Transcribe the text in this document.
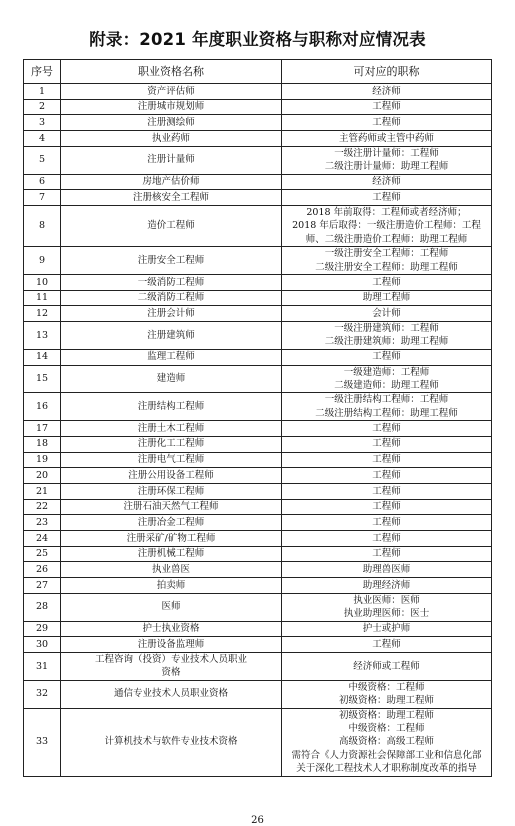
附录：2021 年度职业资格与职称对应情况表
序号	职业资格名称	可对应的职称
1	资产评估师	经济师

2	注册城市规划师	工程师

3	注册测绘师	工程师

4	执业药师	主管药师或主管中药师

5	注册计量师	一级注册计量师：工程师
二级注册计量师：助理工程师

6	房地产估价师	经济师

7	注册核安全工程师	工程师

8	造价工程师	2018 年前取得：工程师或者经济师；
2018 年后取得：一级注册造价工程师：工程
师、二级注册造价工程师：助理工程师

9	注册安全工程师	一级注册安全工程师：工程师
二级注册安全工程师：助理工程师

10	一级消防工程师	工程师

11	二级消防工程师	助理工程师

12	注册会计师	会计师

13	注册建筑师	一级注册建筑师：工程师
二级注册建筑师：助理工程师

14	监理工程师	工程师

15	建造师	一级建造师：工程师
二级建造师：助理工程师

16	注册结构工程师	一级注册结构工程师：工程师
二级注册结构工程师：助理工程师

17	注册土木工程师	工程师

18	注册化工工程师	工程师

19	注册电气工程师	工程师

20	注册公用设备工程师	工程师

21	注册环保工程师	工程师

22	注册石油天然气工程师	工程师

23	注册冶金工程师	工程师

24	注册采矿/矿物工程师	工程师

25	注册机械工程师	工程师

26	执业兽医	助理兽医师

27	拍卖师	助理经济师

28	医师	执业医师：医师
执业助理医师：医士

29	护士执业资格	护士或护师

30	注册设备监理师	工程师

31	工程咨询（投资）专业技术人员职业
资格	经济师或工程师

32	通信专业技术人员职业资格	中级资格：工程师
初级资格：助理工程师

33	计算机技术与软件专业技术资格	初级资格：助理工程师
中级资格：工程师
高级资格：高级工程师
需符合《人力资源社会保障部工业和信息化部
关于深化工程技术人才职称制度改革的指导
26
